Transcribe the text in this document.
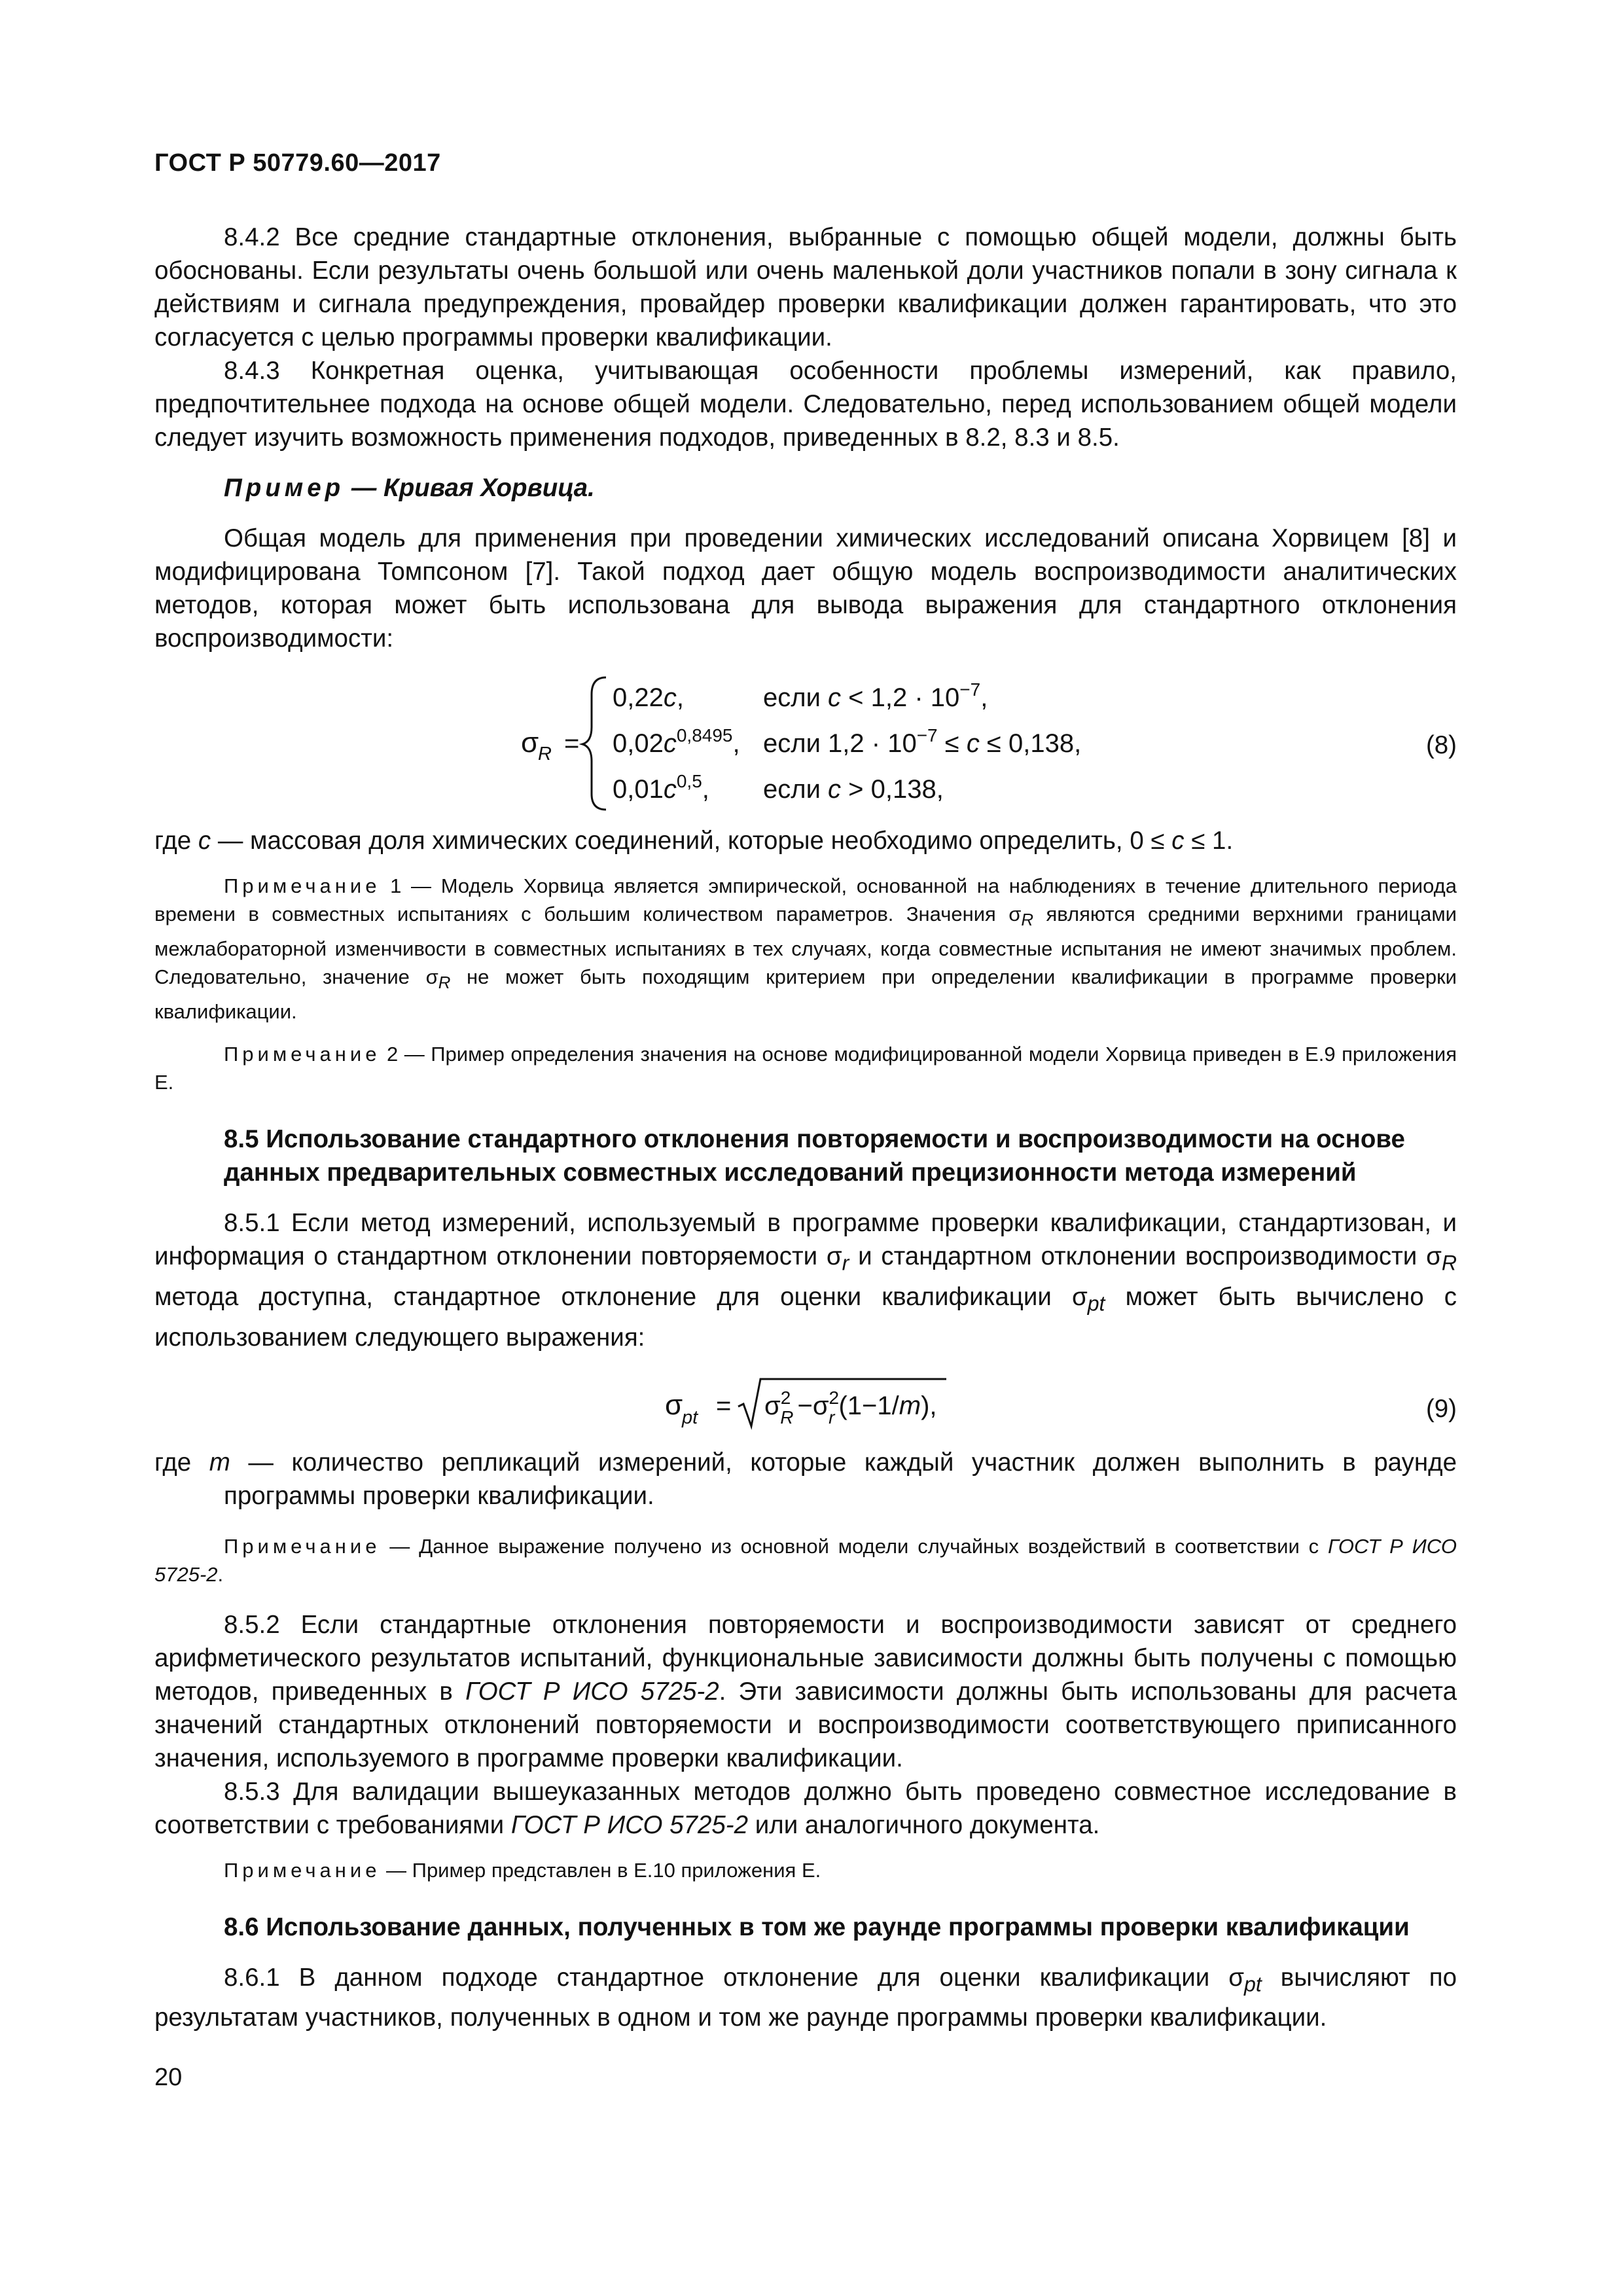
ГОСТ Р 50779.60—2017

8.4.2 Все средние стандартные отклонения, выбранные с помощью общей модели, должны быть обоснованы. Если результаты очень большой или очень маленькой доли участников попали в зону сигнала к действиям и сигнала предупреждения, провайдер проверки квалификации должен гарантировать, что это согласуется с целью программы проверки квалификации.

8.4.3 Конкретная оценка, учитывающая особенности проблемы измерений, как правило, предпочтительнее подхода на основе общей модели. Следовательно, перед использованием общей модели следует изучить возможность применения подходов, приведенных в 8.2, 8.3 и 8.5.

Пример — Кривая Хорвица.

Общая модель для применения при проведении химических исследований описана Хорвицем [8] и модифицирована Томпсоном [7]. Такой подход дает общую модель воспроизводимости аналитических методов, которая может быть использована для вывода выражения для стандартного отклонения воспроизводимости:

σ
R =
0,22c,	если $c < 1,2 \cdot 10^{-7}$,
$0,02c^{0,8495}$, если $1,2 \cdot 10^{-7} \le c \le 0,138$,
$0,01c^{0,5}$, если c > 0,138,
(8)

где c — массовая доля химических соединений, которые необходимо определить, 0 ≤ c ≤ 1.

Примечание 1 — Модель Хорвица является эмпирической, основанной на наблюдениях в течение длительного периода времени в совместных испытаниях с большим количеством параметров. Значения $\sigma_R$ являются средними верхними границами межлабораторной изменчивости в совместных испытаниях в тех случаях, когда совместные испытания не имеют значимых проблем. Следовательно, значение $\sigma_R$ не может быть походящим критерием при определении квалификации в программе проверки квалификации.

Примечание 2 — Пример определения значения на основе модифицированной модели Хорвица приведен в Е.9 приложения Е.

8.5 Использование стандартного отклонения повторяемости и воспроизводимости на основе данных предварительных совместных исследований прецизионности метода измерений

8.5.1 Если метод измерений, используемый в программе проверки квалификации, стандартизован, и информация о стандартном отклонении повторяемости $\sigma_r$ и стандартном отклонении воспроизводимости $\sigma_R$ метода доступна, стандартное отклонение для оценки квалификации $\sigma_{pt}$ может быть вычислено с использованием следующего выражения:

σ
pt = $\sigma^2$ $R -\sigma^2$ r (1−1/m),	(9)

где m — количество репликаций измерений, которые каждый участник должен выполнить в раунде программы проверки квалификации.

Примечание — Данное выражение получено из основной модели случайных воздействий в соответствии с ГОСТ Р ИСО 5725-2.

8.5.2 Если стандартные отклонения повторяемости и воспроизводимости зависят от среднего арифметического результатов испытаний, функциональные зависимости должны быть получены с помощью методов, приведенных в ГОСТ Р ИСО 5725-2. Эти зависимости должны быть использованы для расчета значений стандартных отклонений повторяемости и воспроизводимости соответствующего приписанного значения, используемого в программе проверки квалификации.

8.5.3 Для валидации вышеуказанных методов должно быть проведено совместное исследование в соответствии с требованиями ГОСТ Р ИСО 5725-2 или аналогичного документа.

Примечание — Пример представлен в Е.10 приложения Е.

8.6 Использование данных, полученных в том же раунде программы проверки квалификации

8.6.1 В данном подходе стандартное отклонение для оценки квалификации $\sigma_{pt}$ вычисляют по результатам участников, полученных в одном и том же раунде программы проверки квалификации.

20
